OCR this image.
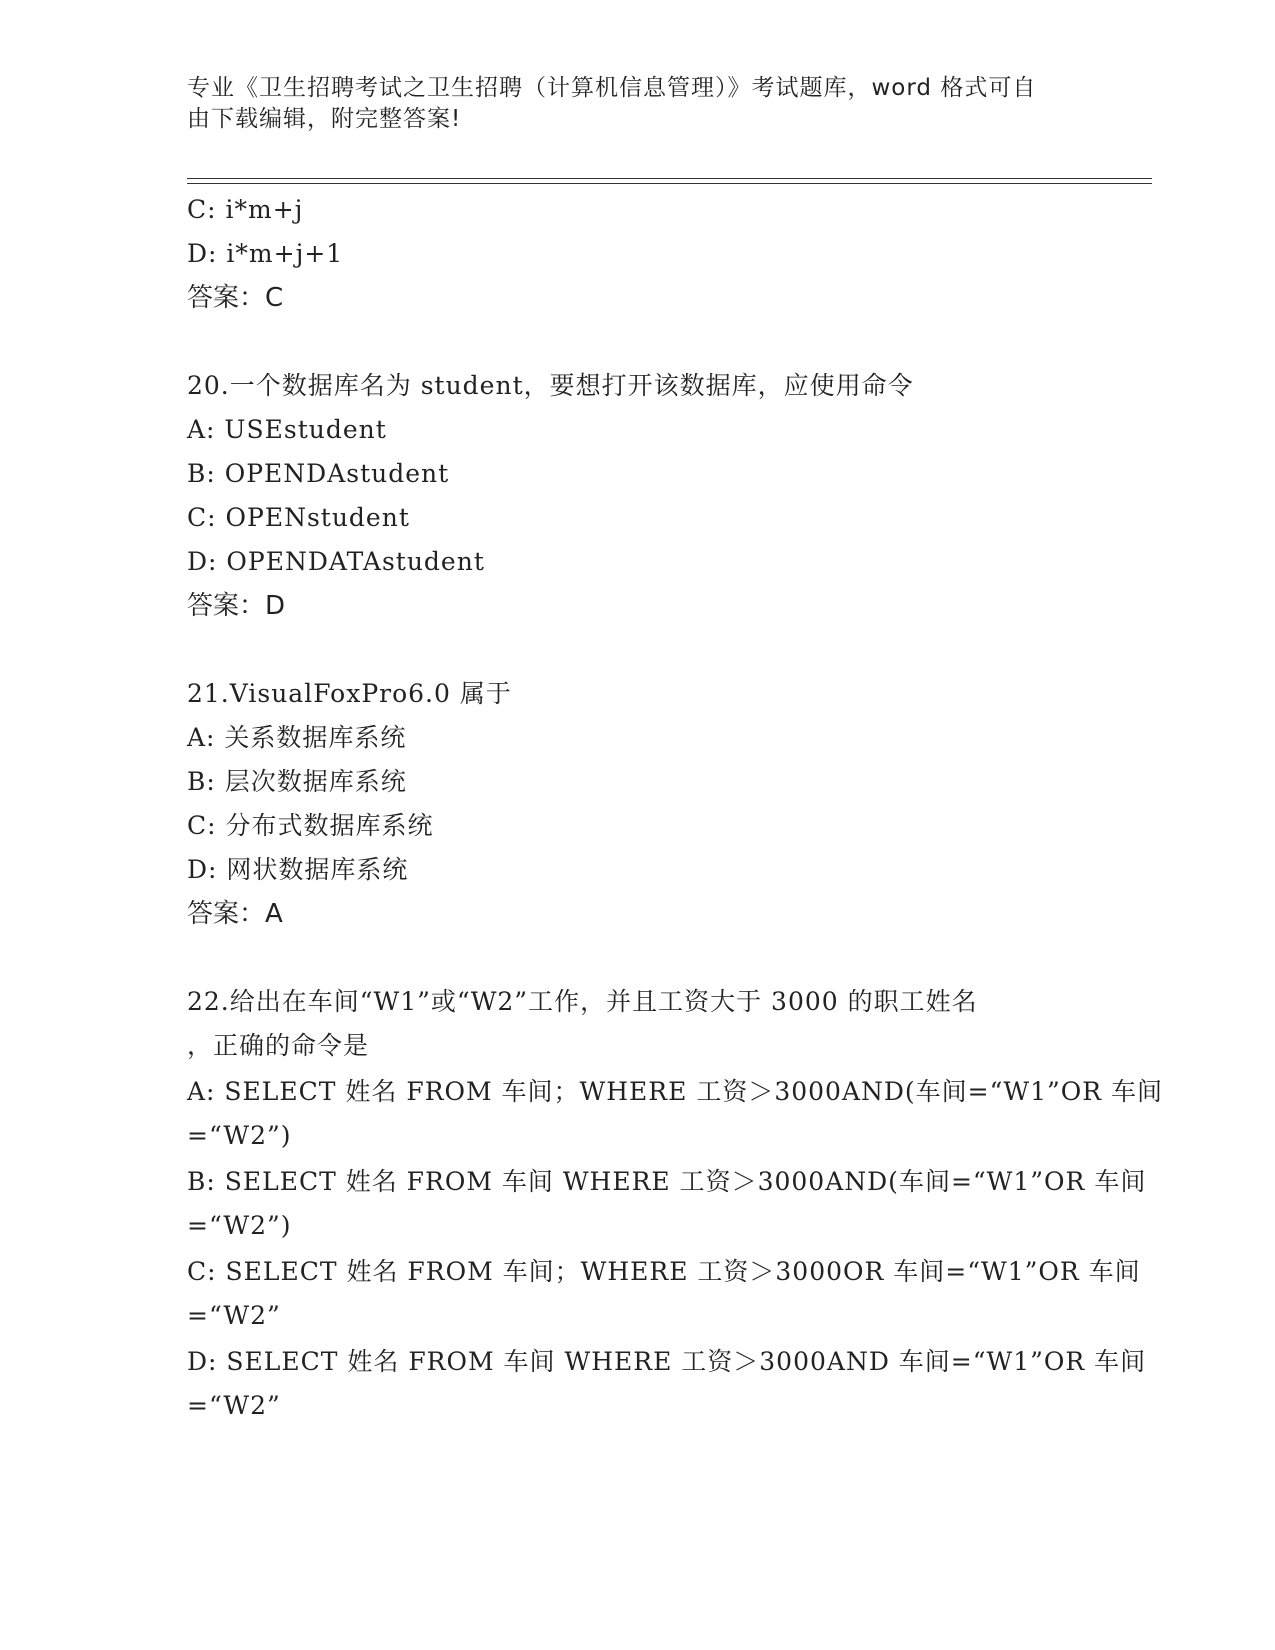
专业《卫生招聘考试之卫生招聘（计算机信息管理）》考试题库，word 格式可自
由下载编辑，附完整答案!
C: i*m+j
D: i*m+j+1
答案：C
20.一个数据库名为 student，要想打开该数据库，应使用命令
A: USEstudent
B: OPENDAstudent
C: OPENstudent
D: OPENDATAstudent
答案：D
21.VisualFoxPro6.0 属于
A: 关系数据库系统
B: 层次数据库系统
C: 分布式数据库系统
D: 网状数据库系统
答案：A
22.给出在车间“W1”或“W2”工作，并且工资大于 3000 的职工姓名
，正确的命令是
A: SELECT 姓名 FROM 车间；WHERE 工资＞3000AND(车间=“W1”OR 车间
=“W2”)
B: SELECT 姓名 FROM 车间 WHERE 工资＞3000AND(车间=“W1”OR 车间
=“W2”)
C: SELECT 姓名 FROM 车间；WHERE 工资＞3000OR 车间=“W1”OR 车间
=“W2”
D: SELECT 姓名 FROM 车间 WHERE 工资＞3000AND 车间=“W1”OR 车间
=“W2”
